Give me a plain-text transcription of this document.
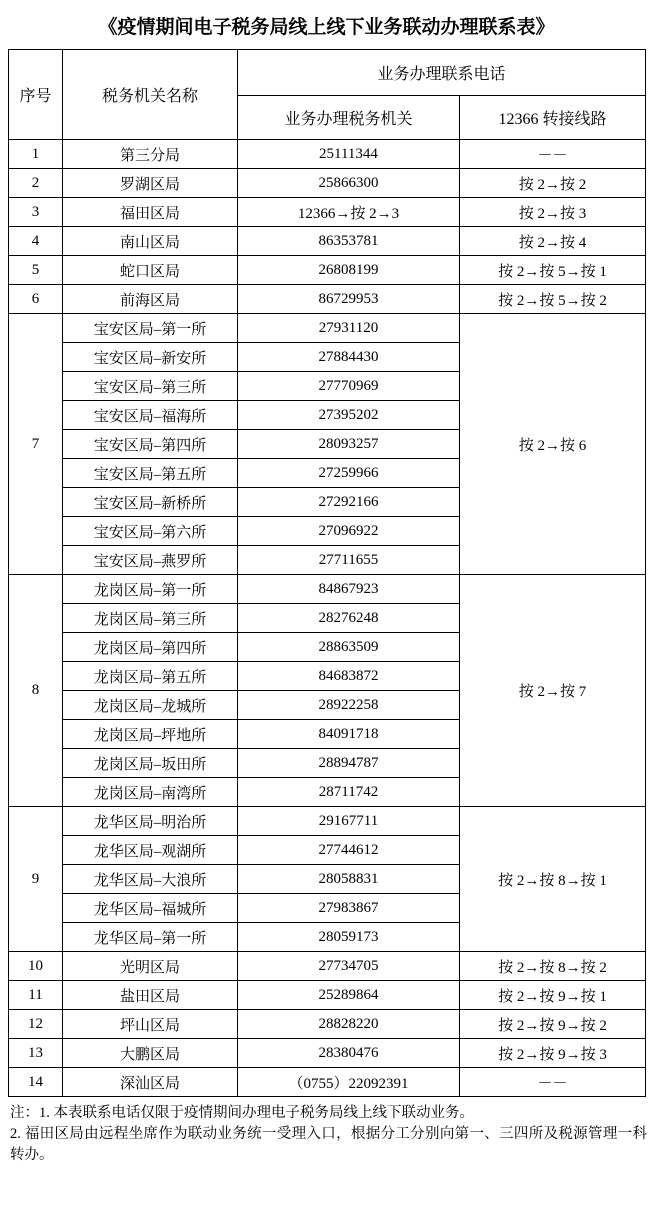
《疫情期间电子税务局线上线下业务联动办理联系表》
序号	税务机关名称	业务办理联系电话	
		业务办理税务机关	12366 转接线路
1	第三分局	25111344	－－
2	罗湖区局	25866300	按 2→按 2
3	福田区局	12366→按 2→3	按 2→按 3
4	南山区局	86353781	按 2→按 4
5	蛇口区局	26808199	按 2→按 5→按 1
6	前海区局	86729953	按 2→按 5→按 2
7	宝安区局–第一所	27931120	按 2→按 6
	宝安区局–新安所	27884430	
	宝安区局–第三所	27770969	
	宝安区局–福海所	27395202	
	宝安区局–第四所	28093257	
	宝安区局–第五所	27259966	
	宝安区局–新桥所	27292166	
	宝安区局–第六所	27096922	
	宝安区局–燕罗所	27711655	
8	龙岗区局–第一所	84867923	按 2→按 7
	龙岗区局–第三所	28276248	
	龙岗区局–第四所	28863509	
	龙岗区局–第五所	84683872	
	龙岗区局–龙城所	28922258	
	龙岗区局–坪地所	84091718	
	龙岗区局–坂田所	28894787	
	龙岗区局–南湾所	28711742	
9	龙华区局–明治所	29167711	按 2→按 8→按 1
	龙华区局–观湖所	27744612	
	龙华区局–大浪所	28058831	
	龙华区局–福城所	27983867	
	龙华区局–第一所	28059173	
10	光明区局	27734705	按 2→按 8→按 2
11	盐田区局	25289864	按 2→按 9→按 1
12	坪山区局	28828220	按 2→按 9→按 2
13	大鹏区局	28380476	按 2→按 9→按 3
14	深汕区局	（0755）22092391	－－
注：1. 本表联系电话仅限于疫情期间办理电子税务局线上线下联动业务。
2. 福田区局由远程坐席作为联动业务统一受理入口，根据分工分别向第一、三四所及税源管理一科转办。
